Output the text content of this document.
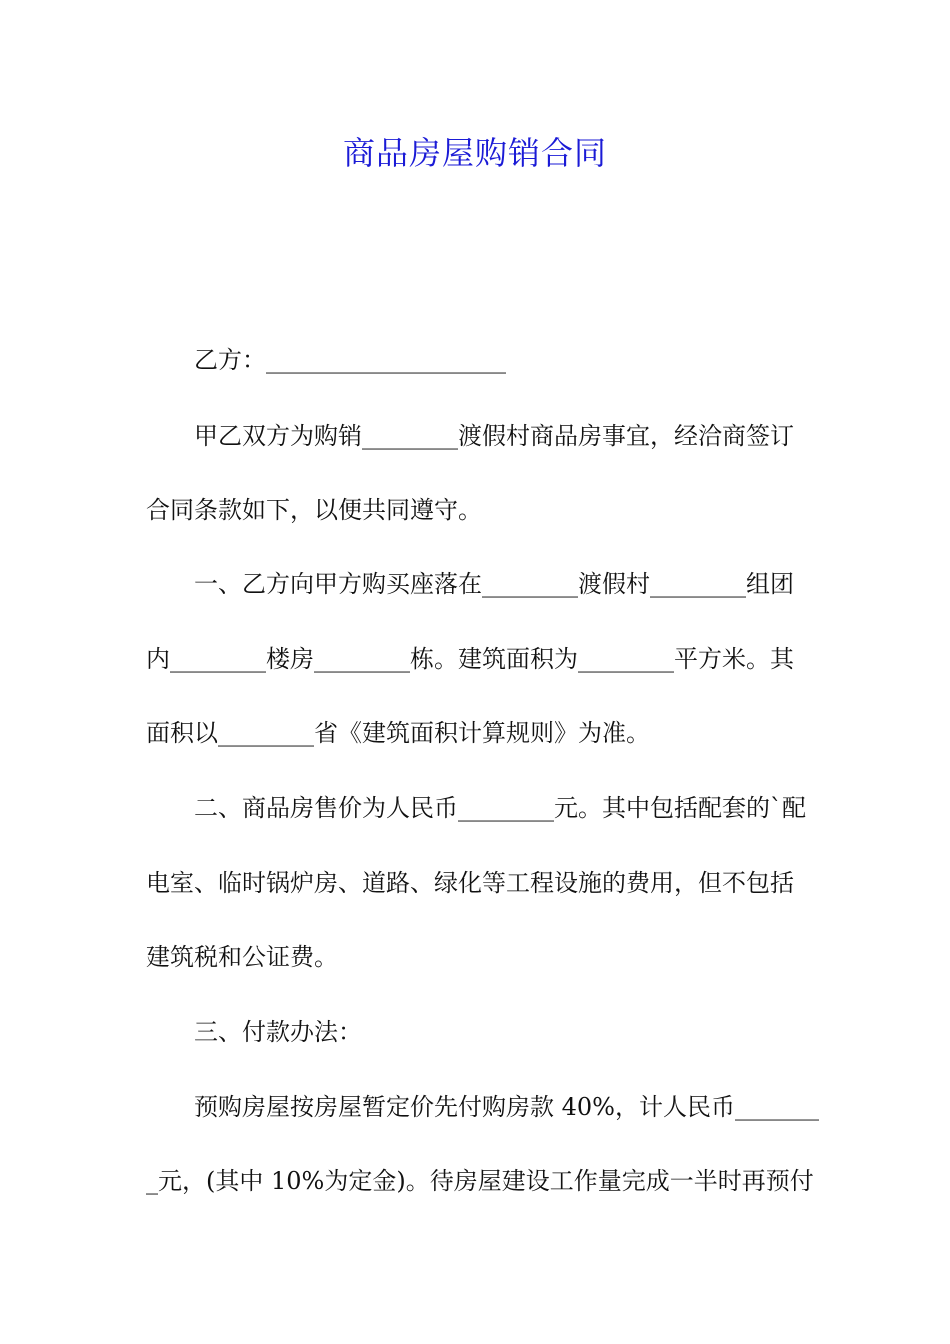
商品房屋购销合同
乙方：____________________
甲乙双方为购销________渡假村商品房事宜，经洽商签订
合同条款如下，以便共同遵守。
一、乙方向甲方购买座落在________渡假村________组团
内________楼房________栋。建筑面积为________平方米。其
面积以________省《建筑面积计算规则》为准。
二、商品房售价为人民币________元。其中包括配套的`配
电室、临时锅炉房、道路、绿化等工程设施的费用，但不包括
建筑税和公证费。
三、付款办法：
预购房屋按房屋暂定价先付购房款 40%，计人民币_______
_元，(其中 10%为定金)。待房屋建设工作量完成一半时再预付
